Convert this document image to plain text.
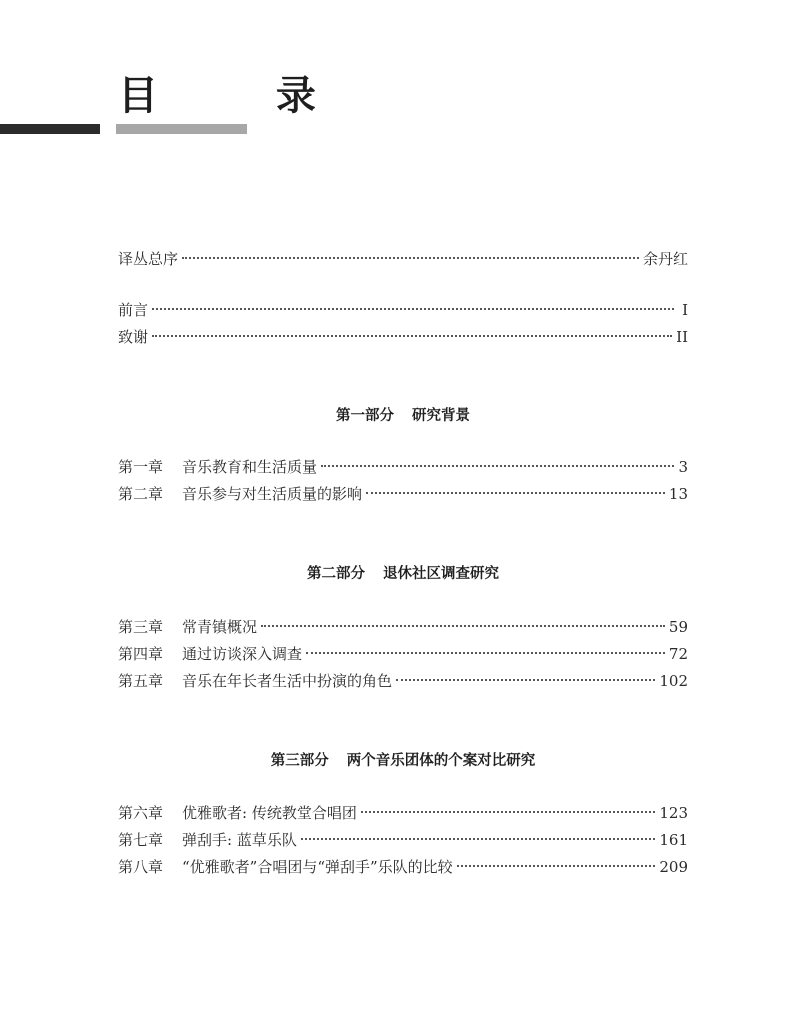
目 录
译丛总序	余丹红
前言	I
致谢	II
第一部分 研究背景
第一章	音乐教育和生活质量	3
第二章	音乐参与对生活质量的影响	13
第二部分 退休社区调查研究
第三章	常青镇概况	59
第四章	通过访谈深入调查	72
第五章	音乐在年长者生活中扮演的角色	102
第三部分 两个音乐团体的个案对比研究
第六章	优雅歌者: 传统教堂合唱团	123
第七章	弹刮手: 蓝草乐队	161
第八章	“优雅歌者”合唱团与“弹刮手”乐队的比较	209
